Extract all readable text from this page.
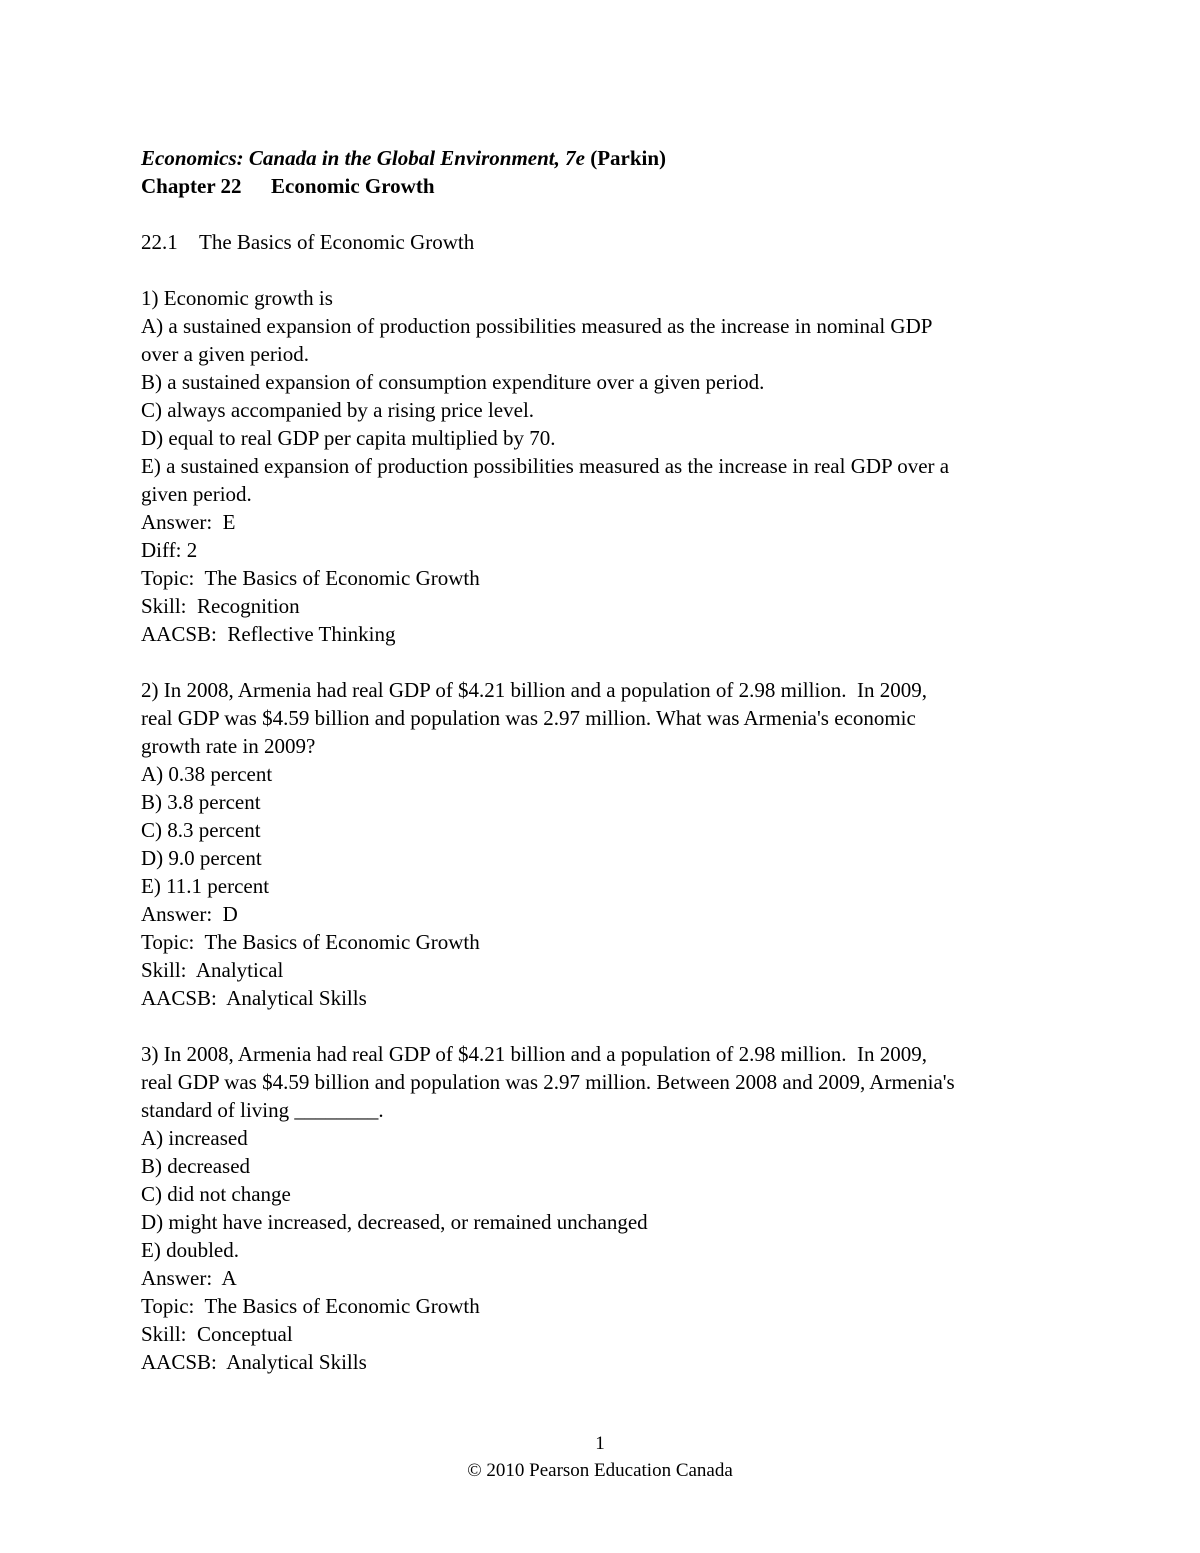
Economics: Canada in the Global Environment, 7e (Parkin)
Chapter 22 Economic Growth
22.1 The Basics of Economic Growth
1) Economic growth is
A) a sustained expansion of production possibilities measured as the increase in nominal GDP
over a given period.
B) a sustained expansion of consumption expenditure over a given period.
C) always accompanied by a rising price level.
D) equal to real GDP per capita multiplied by 70.
E) a sustained expansion of production possibilities measured as the increase in real GDP over a
given period.
Answer:  E
Diff: 2
Topic:  The Basics of Economic Growth
Skill:  Recognition
AACSB:  Reflective Thinking
2) In 2008, Armenia had real GDP of $4.21 billion and a population of 2.98 million.  In 2009,
real GDP was $4.59 billion and population was 2.97 million. What was Armenia's economic
growth rate in 2009?
A) 0.38 percent
B) 3.8 percent
C) 8.3 percent
D) 9.0 percent
E) 11.1 percent
Answer:  D
Topic:  The Basics of Economic Growth
Skill:  Analytical
AACSB:  Analytical Skills
3) In 2008, Armenia had real GDP of $4.21 billion and a population of 2.98 million.  In 2009,
real GDP was $4.59 billion and population was 2.97 million. Between 2008 and 2009, Armenia's
standard of living ________.
A) increased
B) decreased
C) did not change
D) might have increased, decreased, or remained unchanged
E) doubled.
Answer:  A
Topic:  The Basics of Economic Growth
Skill:  Conceptual
AACSB:  Analytical Skills
1
© 2010 Pearson Education Canada
